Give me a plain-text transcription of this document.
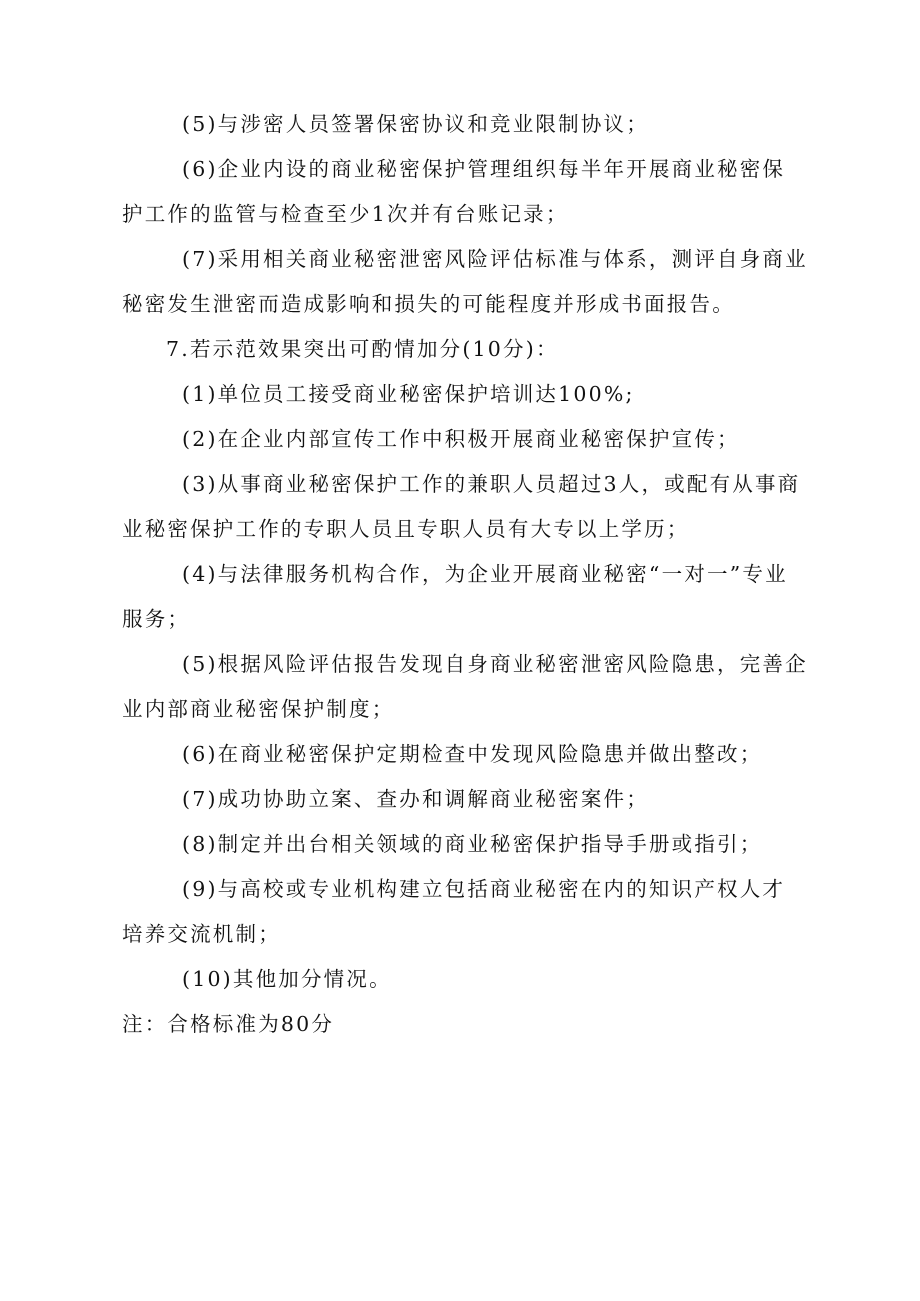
(5)与涉密人员签署保密协议和竞业限制协议；
(6)企业内设的商业秘密保护管理组织每半年开展商业秘密保
护工作的监管与检查至少1次并有台账记录；
(7)采用相关商业秘密泄密风险评估标准与体系，测评自身商业
秘密发生泄密而造成影响和损失的可能程度并形成书面报告。
7.若示范效果突出可酌情加分(10分)：
(1)单位员工接受商业秘密保护培训达100%;
(2)在企业内部宣传工作中积极开展商业秘密保护宣传；
(3)从事商业秘密保护工作的兼职人员超过3人，或配有从事商
业秘密保护工作的专职人员且专职人员有大专以上学历；
(4)与法律服务机构合作，为企业开展商业秘密“一对一”专业
服务；
(5)根据风险评估报告发现自身商业秘密泄密风险隐患，完善企
业内部商业秘密保护制度；
(6)在商业秘密保护定期检查中发现风险隐患并做出整改；
(7)成功协助立案、查办和调解商业秘密案件；
(8)制定并出台相关领域的商业秘密保护指导手册或指引；
(9)与高校或专业机构建立包括商业秘密在内的知识产权人才
培养交流机制；
(10)其他加分情况。
注：合格标准为80分
